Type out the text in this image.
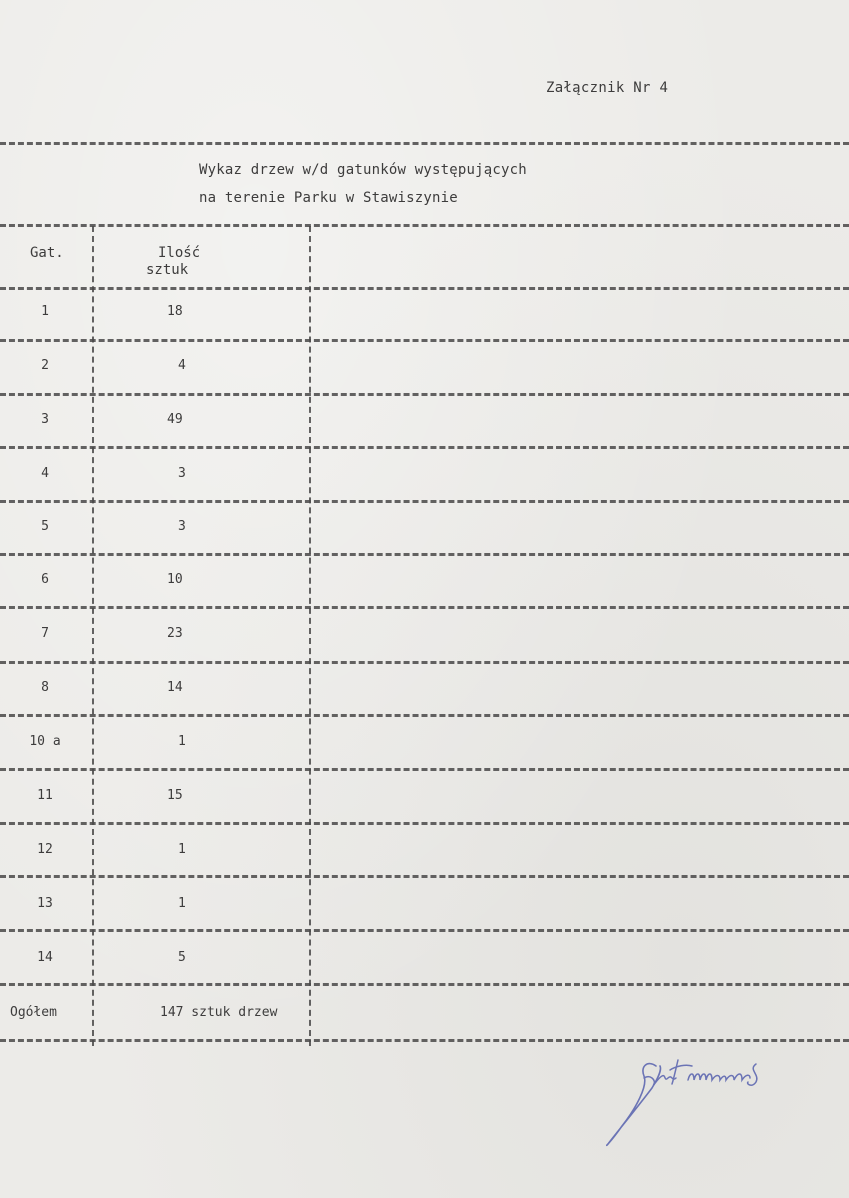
Załącznik Nr 4
Wykaz drzew w/d gatunków występujących
na terenie Parku w Stawiszynie
Gat.	Ilość
sztuk
1	18
2	4
3	49
4	3
5	3
6	10
7	23
8	14
10 a	1
11	15
12	1
13	1
14	5
Ogółem	147 sztuk drzew
